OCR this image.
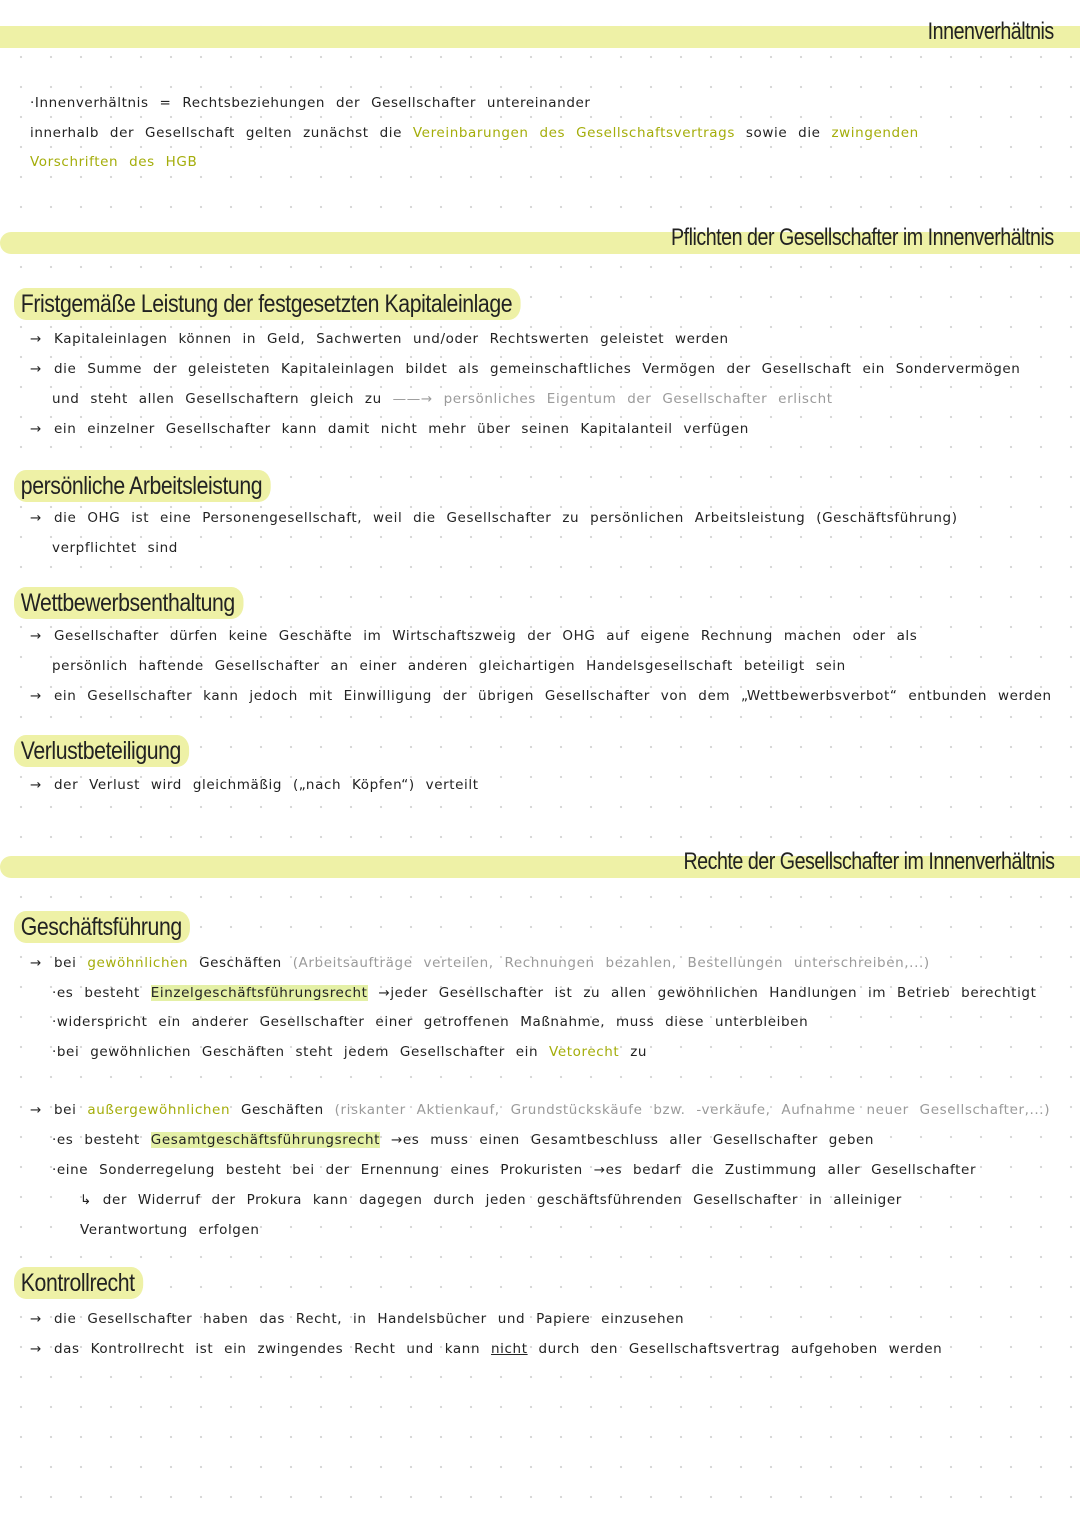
Innenverhältnis
Pflichten der Gesellschafter im Innenverhältnis
Rechte der Gesellschafter im Innenverhältnis
·Innenverhältnis = Rechtsbeziehungen der Gesellschafter untereinander
innerhalb der Gesellschaft gelten zunächst die Vereinbarungen des Gesellschaftsvertrags sowie die zwingenden
Vorschriften des HGB
Fristgemäße Leistung der festgesetzten Kapitaleinlage
→ Kapitaleinlagen können in Geld, Sachwerten und/oder Rechtswerten geleistet werden
→ die Summe der geleisteten Kapitaleinlagen bildet als gemeinschaftliches Vermögen der Gesellschaft ein Sondervermögen
und steht allen Gesellschaftern gleich zu ——→ persönliches Eigentum der Gesellschafter erlischt
→ ein einzelner Gesellschafter kann damit nicht mehr über seinen Kapitalanteil verfügen
persönliche Arbeitsleistung
→ die OHG ist eine Personengesellschaft, weil die Gesellschafter zu persönlichen Arbeitsleistung (Geschäftsführung)
verpflichtet sind
Wettbewerbsenthaltung
→ Gesellschafter dürfen keine Geschäfte im Wirtschaftszweig der OHG auf eigene Rechnung machen oder als
persönlich haftende Gesellschafter an einer anderen gleichartigen Handelsgesellschaft beteiligt sein
→ ein Gesellschafter kann jedoch mit Einwilligung der übrigen Gesellschafter von dem „Wettbewerbsverbot“ entbunden werden
Verlustbeteiligung
→ der Verlust wird gleichmäßig („nach Köpfen“) verteilt
Geschäftsführung
→ bei gewöhnlichen Geschäften (Arbeitsaufträge verteilen, Rechnungen bezahlen, Bestellungen unterschreiben,...)
·es besteht Einzelgeschäftsführungsrecht →jeder Gesellschafter ist zu allen gewöhnlichen Handlungen im Betrieb berechtigt
·widerspricht ein anderer Gesellschafter einer getroffenen Maßnahme, muss diese unterbleiben
·bei gewöhnlichen Geschäften steht jedem Gesellschafter ein Vetorecht zu
→ bei außergewöhnlichen Geschäften (riskanter Aktienkauf, Grundstückskäufe bzw. -verkäufe, Aufnahme neuer Gesellschafter,...)
·es besteht Gesamtgeschäftsführungsrecht →es muss einen Gesamtbeschluss aller Gesellschafter geben
·eine Sonderregelung besteht bei der Ernennung eines Prokuristen →es bedarf die Zustimmung aller Gesellschafter
↳ der Widerruf der Prokura kann dagegen durch jeden geschäftsführenden Gesellschafter in alleiniger
Verantwortung erfolgen
Kontrollrecht
→ die Gesellschafter haben das Recht, in Handelsbücher und Papiere einzusehen
→ das Kontrollrecht ist ein zwingendes Recht und kann nicht durch den Gesellschaftsvertrag aufgehoben werden
